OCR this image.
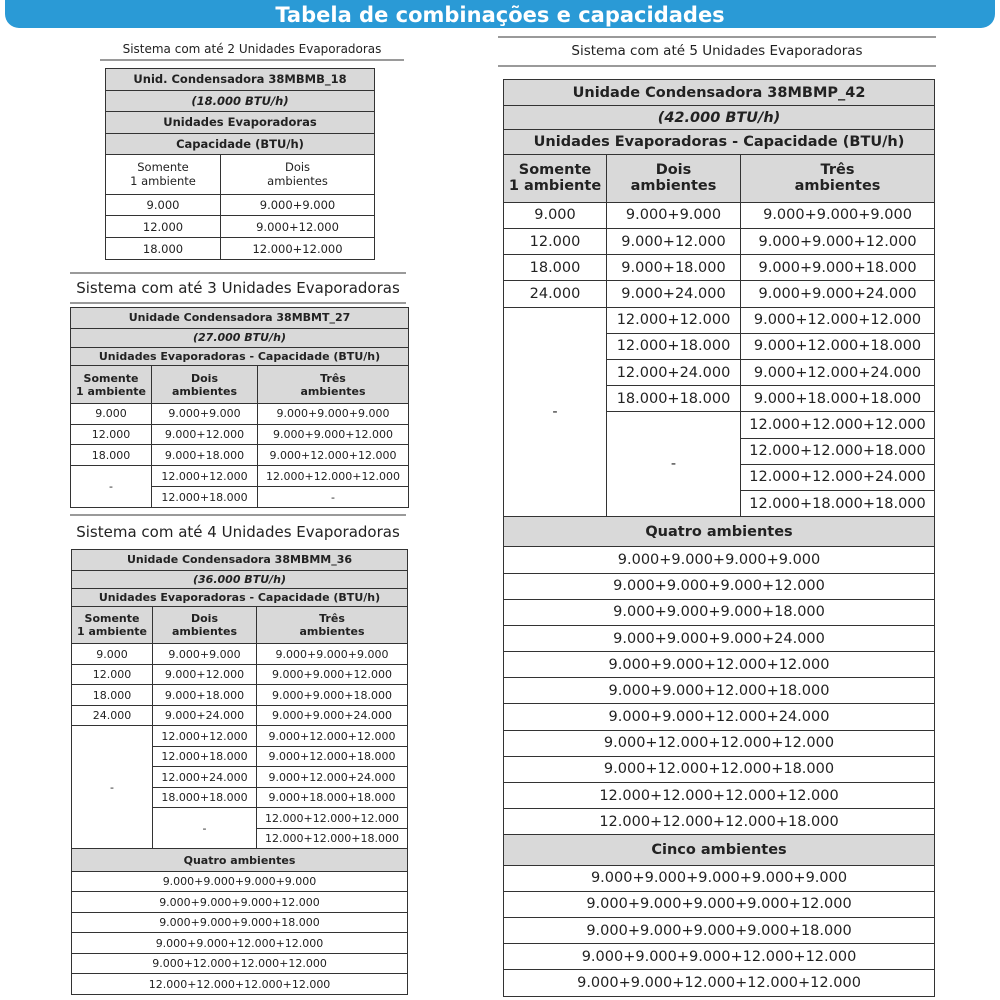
Tabela de combinações e capacidades
Sistema com até 2 Unidades Evaporadoras
Unid. Condensadora 38MBMB_18	
(18.000 BTU/h)	
Unidades Evaporadoras	
Capacidade (BTU/h)	

Somente
1 ambiente	Dois
ambientes

9.000	9.000+9.000
12.000	9.000+12.000
18.000	12.000+12.000
Sistema com até 3 Unidades Evaporadoras
Unidade Condensadora 38MBMT_27		
(27.000 BTU/h)		
Unidades Evaporadoras - Capacidade (BTU/h)		

Somente
1 ambiente	Dois
ambientes	Três
ambientes

9.000	9.000+9.000	9.000+9.000+9.000
12.000	9.000+12.000	9.000+9.000+12.000
18.000	9.000+18.000	9.000+12.000+12.000
-	12.000+12.000	12.000+12.000+12.000
	12.000+18.000	-
Sistema com até 4 Unidades Evaporadoras
Unidade Condensadora 38MBMM_36		
(36.000 BTU/h)		
Unidades Evaporadoras - Capacidade (BTU/h)		

Somente
1 ambiente	Dois
ambientes	Três
ambientes

9.000	9.000+9.000	9.000+9.000+9.000
12.000	9.000+12.000	9.000+9.000+12.000
18.000	9.000+18.000	9.000+9.000+18.000
24.000	9.000+24.000	9.000+9.000+24.000
-	12.000+12.000	9.000+12.000+12.000
	12.000+18.000	9.000+12.000+18.000
	12.000+24.000	9.000+12.000+24.000
	18.000+18.000	9.000+18.000+18.000
	-	12.000+12.000+12.000
		12.000+12.000+18.000
Quatro ambientes		
9.000+9.000+9.000+9.000		
9.000+9.000+9.000+12.000		
9.000+9.000+9.000+18.000		
9.000+9.000+12.000+12.000		
9.000+12.000+12.000+12.000		
12.000+12.000+12.000+12.000		
Sistema com até 5 Unidades Evaporadoras
Unidade Condensadora 38MBMP_42		
(42.000 BTU/h)		
Unidades Evaporadoras - Capacidade (BTU/h)		

Somente
1 ambiente	Dois
ambientes	Três
ambientes

9.000	9.000+9.000	9.000+9.000+9.000
12.000	9.000+12.000	9.000+9.000+12.000
18.000	9.000+18.000	9.000+9.000+18.000
24.000	9.000+24.000	9.000+9.000+24.000
-	12.000+12.000	9.000+12.000+12.000
	12.000+18.000	9.000+12.000+18.000
	12.000+24.000	9.000+12.000+24.000
	18.000+18.000	9.000+18.000+18.000
	-	12.000+12.000+12.000
		12.000+12.000+18.000
		12.000+12.000+24.000
		12.000+18.000+18.000
Quatro ambientes		
9.000+9.000+9.000+9.000		
9.000+9.000+9.000+12.000		
9.000+9.000+9.000+18.000		
9.000+9.000+9.000+24.000		
9.000+9.000+12.000+12.000		
9.000+9.000+12.000+18.000		
9.000+9.000+12.000+24.000		
9.000+12.000+12.000+12.000		
9.000+12.000+12.000+18.000		
12.000+12.000+12.000+12.000		
12.000+12.000+12.000+18.000		
Cinco ambientes		
9.000+9.000+9.000+9.000+9.000		
9.000+9.000+9.000+9.000+12.000		
9.000+9.000+9.000+9.000+18.000		
9.000+9.000+9.000+12.000+12.000		
9.000+9.000+12.000+12.000+12.000		
